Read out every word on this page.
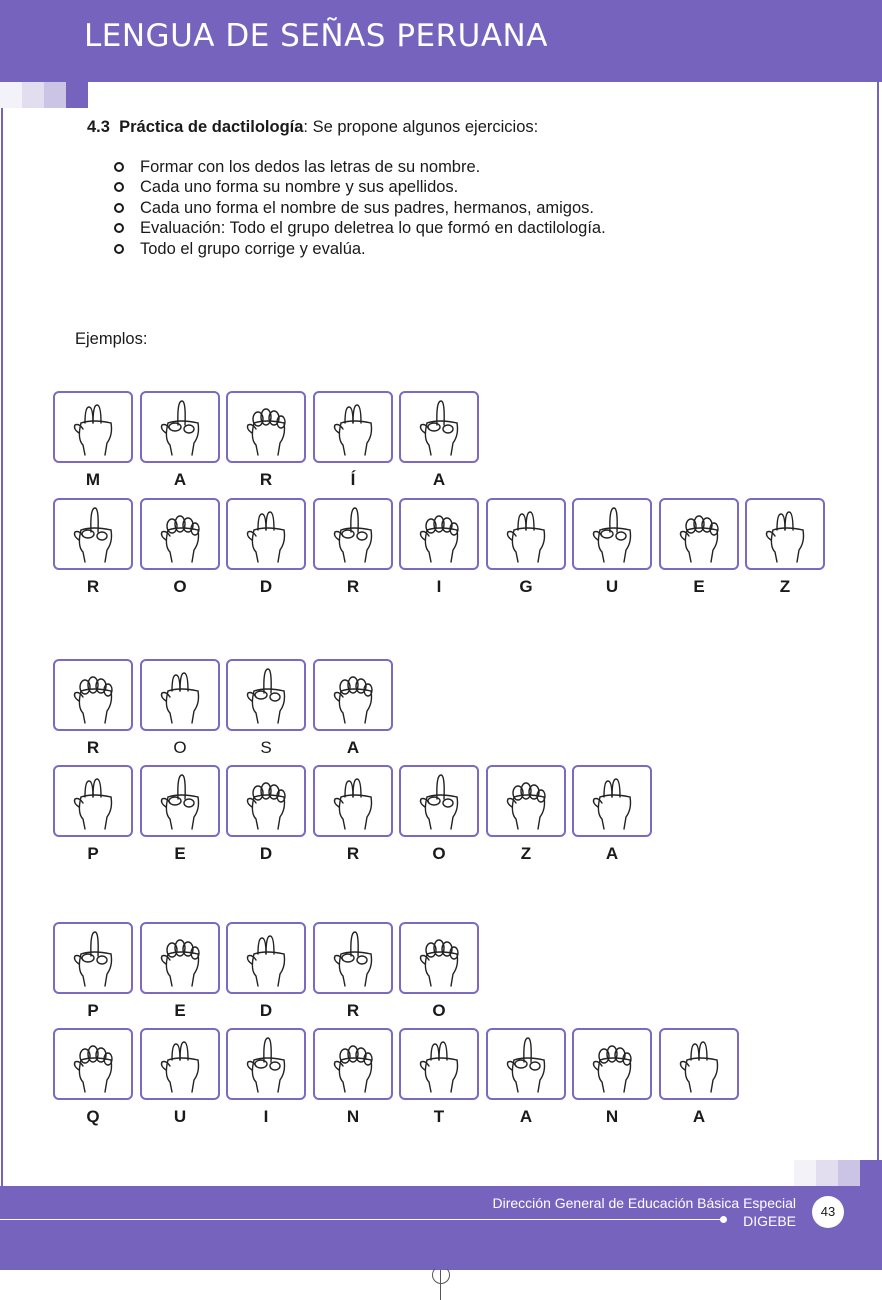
LENGUA DE SEÑAS PERUANA
4.3 Práctica de dactilología: Se propone algunos ejercicios:
Formar con los dedos las letras de su nombre.
Cada uno forma su nombre y sus apellidos.
Cada uno forma el nombre de sus padres, hermanos, amigos.
Evaluación: Todo el grupo deletrea lo que formó en dactilología.
Todo el grupo corrige y evalúa.
Ejemplos:
M	A	R	Í	A
R	O	D	R	I	G	U	E	Z
R	O	S	A
P	E	D	R	O	Z	A
P	E	D	R	O
Q	U	I	N	T	A	N	A
Dirección General de Educación Básica Especial
DIGEBE
43
